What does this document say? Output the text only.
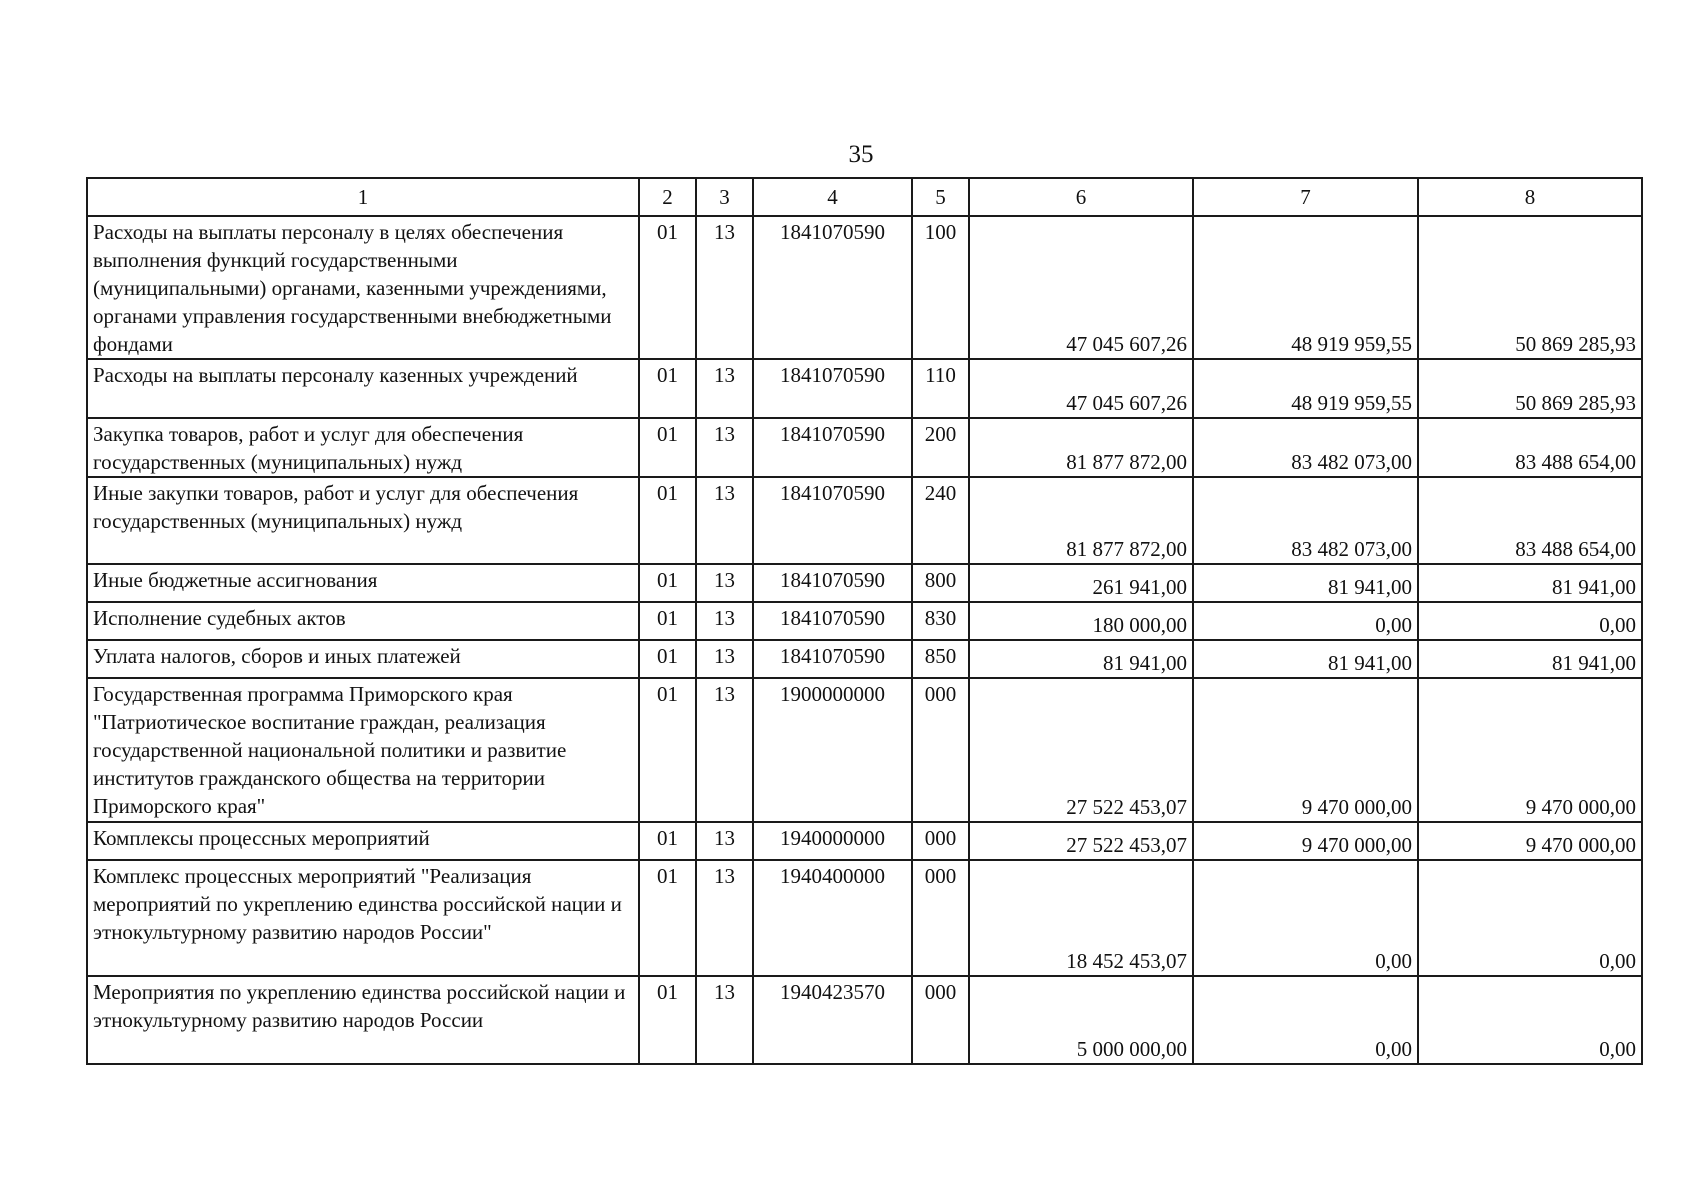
35
1	2	3	4	5	6	7	8
Расходы на выплаты персоналу в целях обеспечения выполнения функций государственными (муниципальными) органами, казенными учреждениями, органами управления государственными внебюджетными фондами	01	13	1841070590	100	47 045 607,26	48 919 959,55	50 869 285,93
Расходы на выплаты персоналу казенных учреждений	01	13	1841070590	110	47 045 607,26	48 919 959,55	50 869 285,93
Закупка товаров, работ и услуг для обеспечения государственных (муниципальных) нужд	01	13	1841070590	200	81 877 872,00	83 482 073,00	83 488 654,00
Иные закупки товаров, работ и услуг для обеспечения государственных (муниципальных) нужд	01	13	1841070590	240	81 877 872,00	83 482 073,00	83 488 654,00
Иные бюджетные ассигнования	01	13	1841070590	800	261 941,00	81 941,00	81 941,00
Исполнение судебных актов	01	13	1841070590	830	180 000,00	0,00	0,00
Уплата налогов, сборов и иных платежей	01	13	1841070590	850	81 941,00	81 941,00	81 941,00
Государственная программа Приморского края "Патриотическое воспитание граждан, реализация государственной национальной политики и развитие институтов гражданского общества на территории Приморского края"	01	13	1900000000	000	27 522 453,07	9 470 000,00	9 470 000,00
Комплексы процессных мероприятий	01	13	1940000000	000	27 522 453,07	9 470 000,00	9 470 000,00
Комплекс процессных мероприятий "Реализация мероприятий по укреплению единства российской нации и этнокультурному развитию народов России"	01	13	1940400000	000	18 452 453,07	0,00	0,00
Мероприятия по укреплению единства российской нации и этнокультурному развитию народов России	01	13	1940423570	000	5 000 000,00	0,00	0,00
